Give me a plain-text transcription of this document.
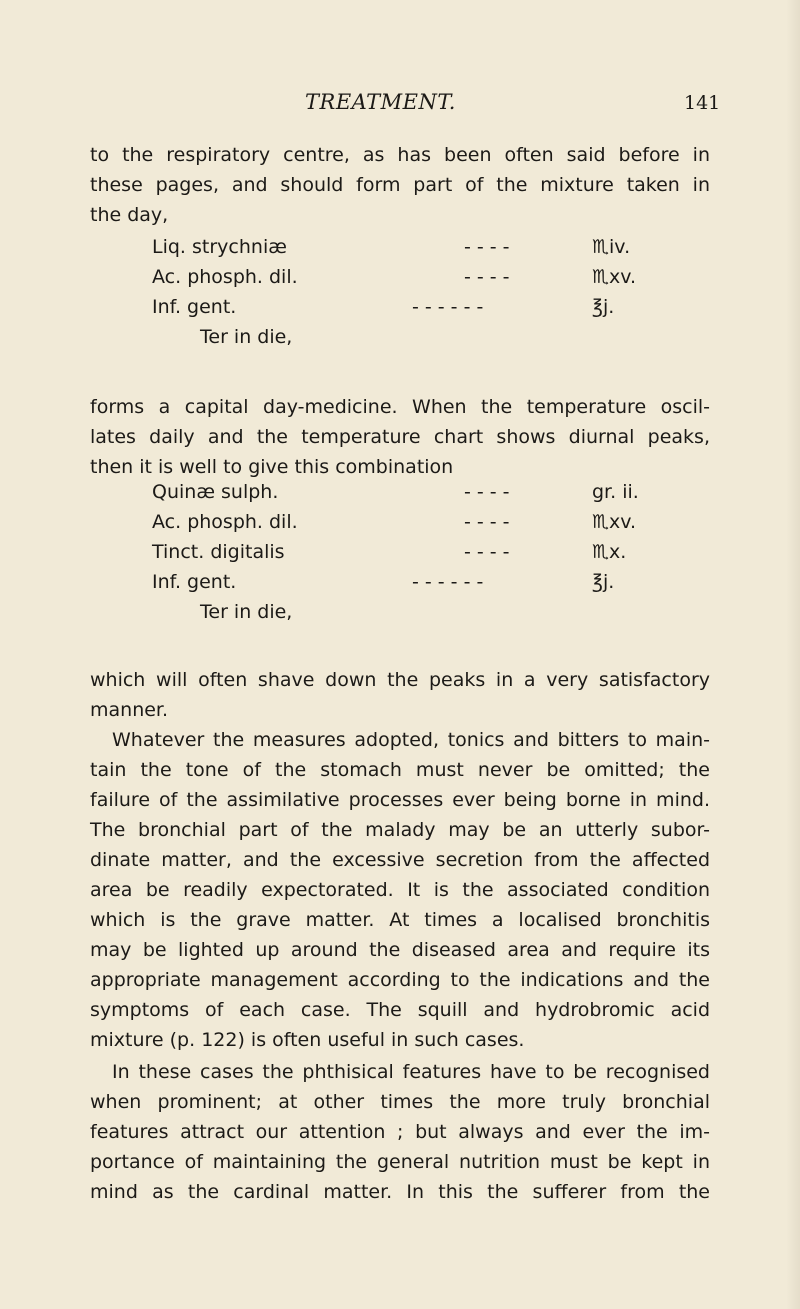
TREATMENT.	141

to the respiratory centre, as has been often said before in
these pages, and should form part of the mixture taken in
the day,

Liq. strychniæ	- - - -	♏iv.
Ac. phosph. dil.	- - - -	♏xv.
Inf. gent.	- - - - - -	℥j.
Ter in die,

forms a capital day-medicine. When the temperature oscil-
lates daily and the temperature chart shows diurnal peaks,
then it is well to give this combination

Quinæ sulph.	- - - -	gr. ii.
Ac. phosph. dil.	- - - -	♏xv.
Tinct. digitalis	- - - -	♏x.
Inf. gent.	- - - - - -	℥j.
Ter in die,

which will often shave down the peaks in a very satisfactory
manner.

Whatever the measures adopted, tonics and bitters to main-
tain the tone of the stomach must never be omitted; the
failure of the assimilative processes ever being borne in mind.
The bronchial part of the malady may be an utterly subor-
dinate matter, and the excessive secretion from the affected
area be readily expectorated. It is the associated condition
which is the grave matter. At times a localised bronchitis
may be lighted up around the diseased area and require its
appropriate management according to the indications and the
symptoms of each case. The squill and hydrobromic acid
mixture (p. 122) is often useful in such cases.

In these cases the phthisical features have to be recognised
when prominent; at other times the more truly bronchial
features attract our attention ; but always and ever the im-
portance of maintaining the general nutrition must be kept in
mind as the cardinal matter. In this the sufferer from the
